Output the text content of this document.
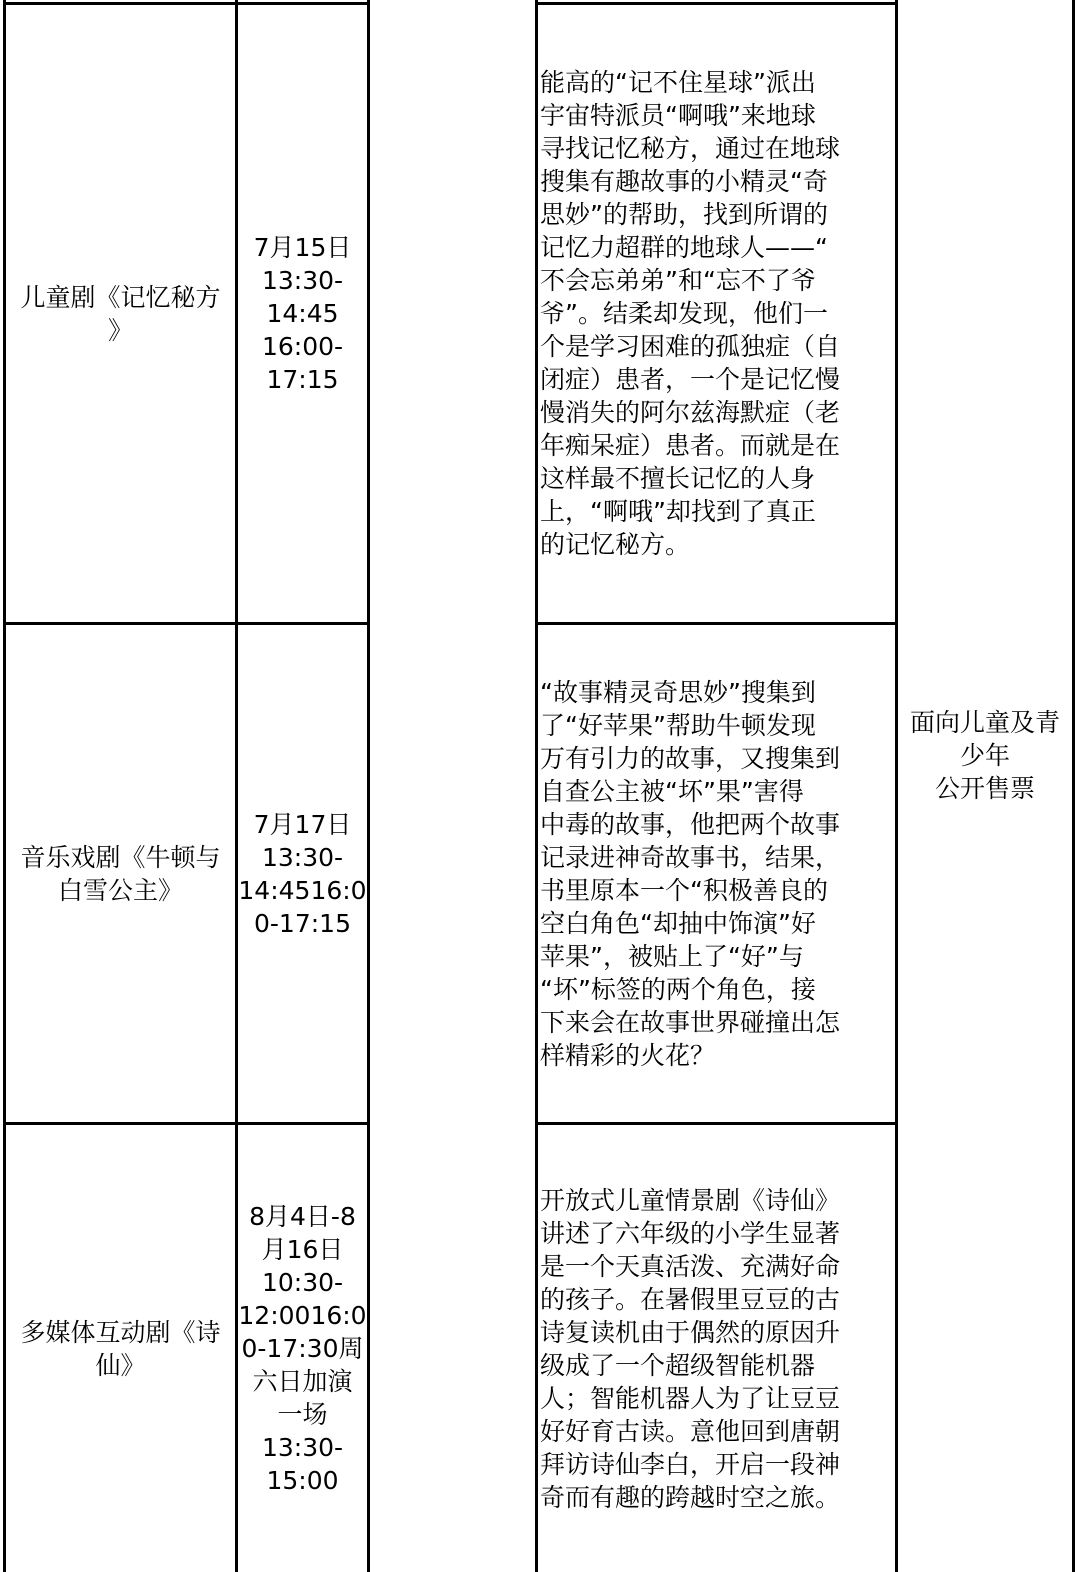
儿童剧《记忆秘方
》
7月15日
13:30-
14:45
16:00-
17:15
能高的“记不住星球”派出
宇宙特派员“啊哦”来地球
寻找记忆秘方，通过在地球
搜集有趣故事的小精灵“奇
思妙”的帮助，找到所谓的
记忆力超群的地球人——“
不会忘弟弟”和“忘不了爷
爷”。结柔却发现，他们一
个是学习困难的孤独症（自
闭症）患者，一个是记忆慢
慢消失的阿尔兹海默症（老
年痴呆症）患者。而就是在
这样最不擅长记忆的人身
上，“啊哦”却找到了真正
的记忆秘方。
音乐戏剧《牛顿与
白雪公主》
7月17日
13:30-
14:4516:0
0-17:15
“故事精灵奇思妙”搜集到
了“好苹果”帮助牛顿发现
万有引力的故事，又搜集到
自查公主被“坏”果”害得
中毒的故事，他把两个故事
记录进神奇故事书，结果，
书里原本一个“积极善良的
空白角色“却抽中饰演”好
苹果”，被贴上了“好”与
“坏”标签的两个角色，接
下来会在故事世界碰撞出怎
样精彩的火花？
多媒体互动剧《诗
仙》
8月4日-8
月16日
10:30-
12:0016:0
0-17:30周
六日加演
一场
13:30-
15:00
开放式儿童情景剧《诗仙》
讲述了六年级的小学生显著
是一个天真活泼、充满好命
的孩子。在暑假里豆豆的古
诗复读机由于偶然的原因升
级成了一个超级智能机器
人；智能机器人为了让豆豆
好好育古读。意他回到唐朝
拜访诗仙李白，开启一段神
奇而有趣的跨越时空之旅。
面向儿童及青
少年
公开售票
